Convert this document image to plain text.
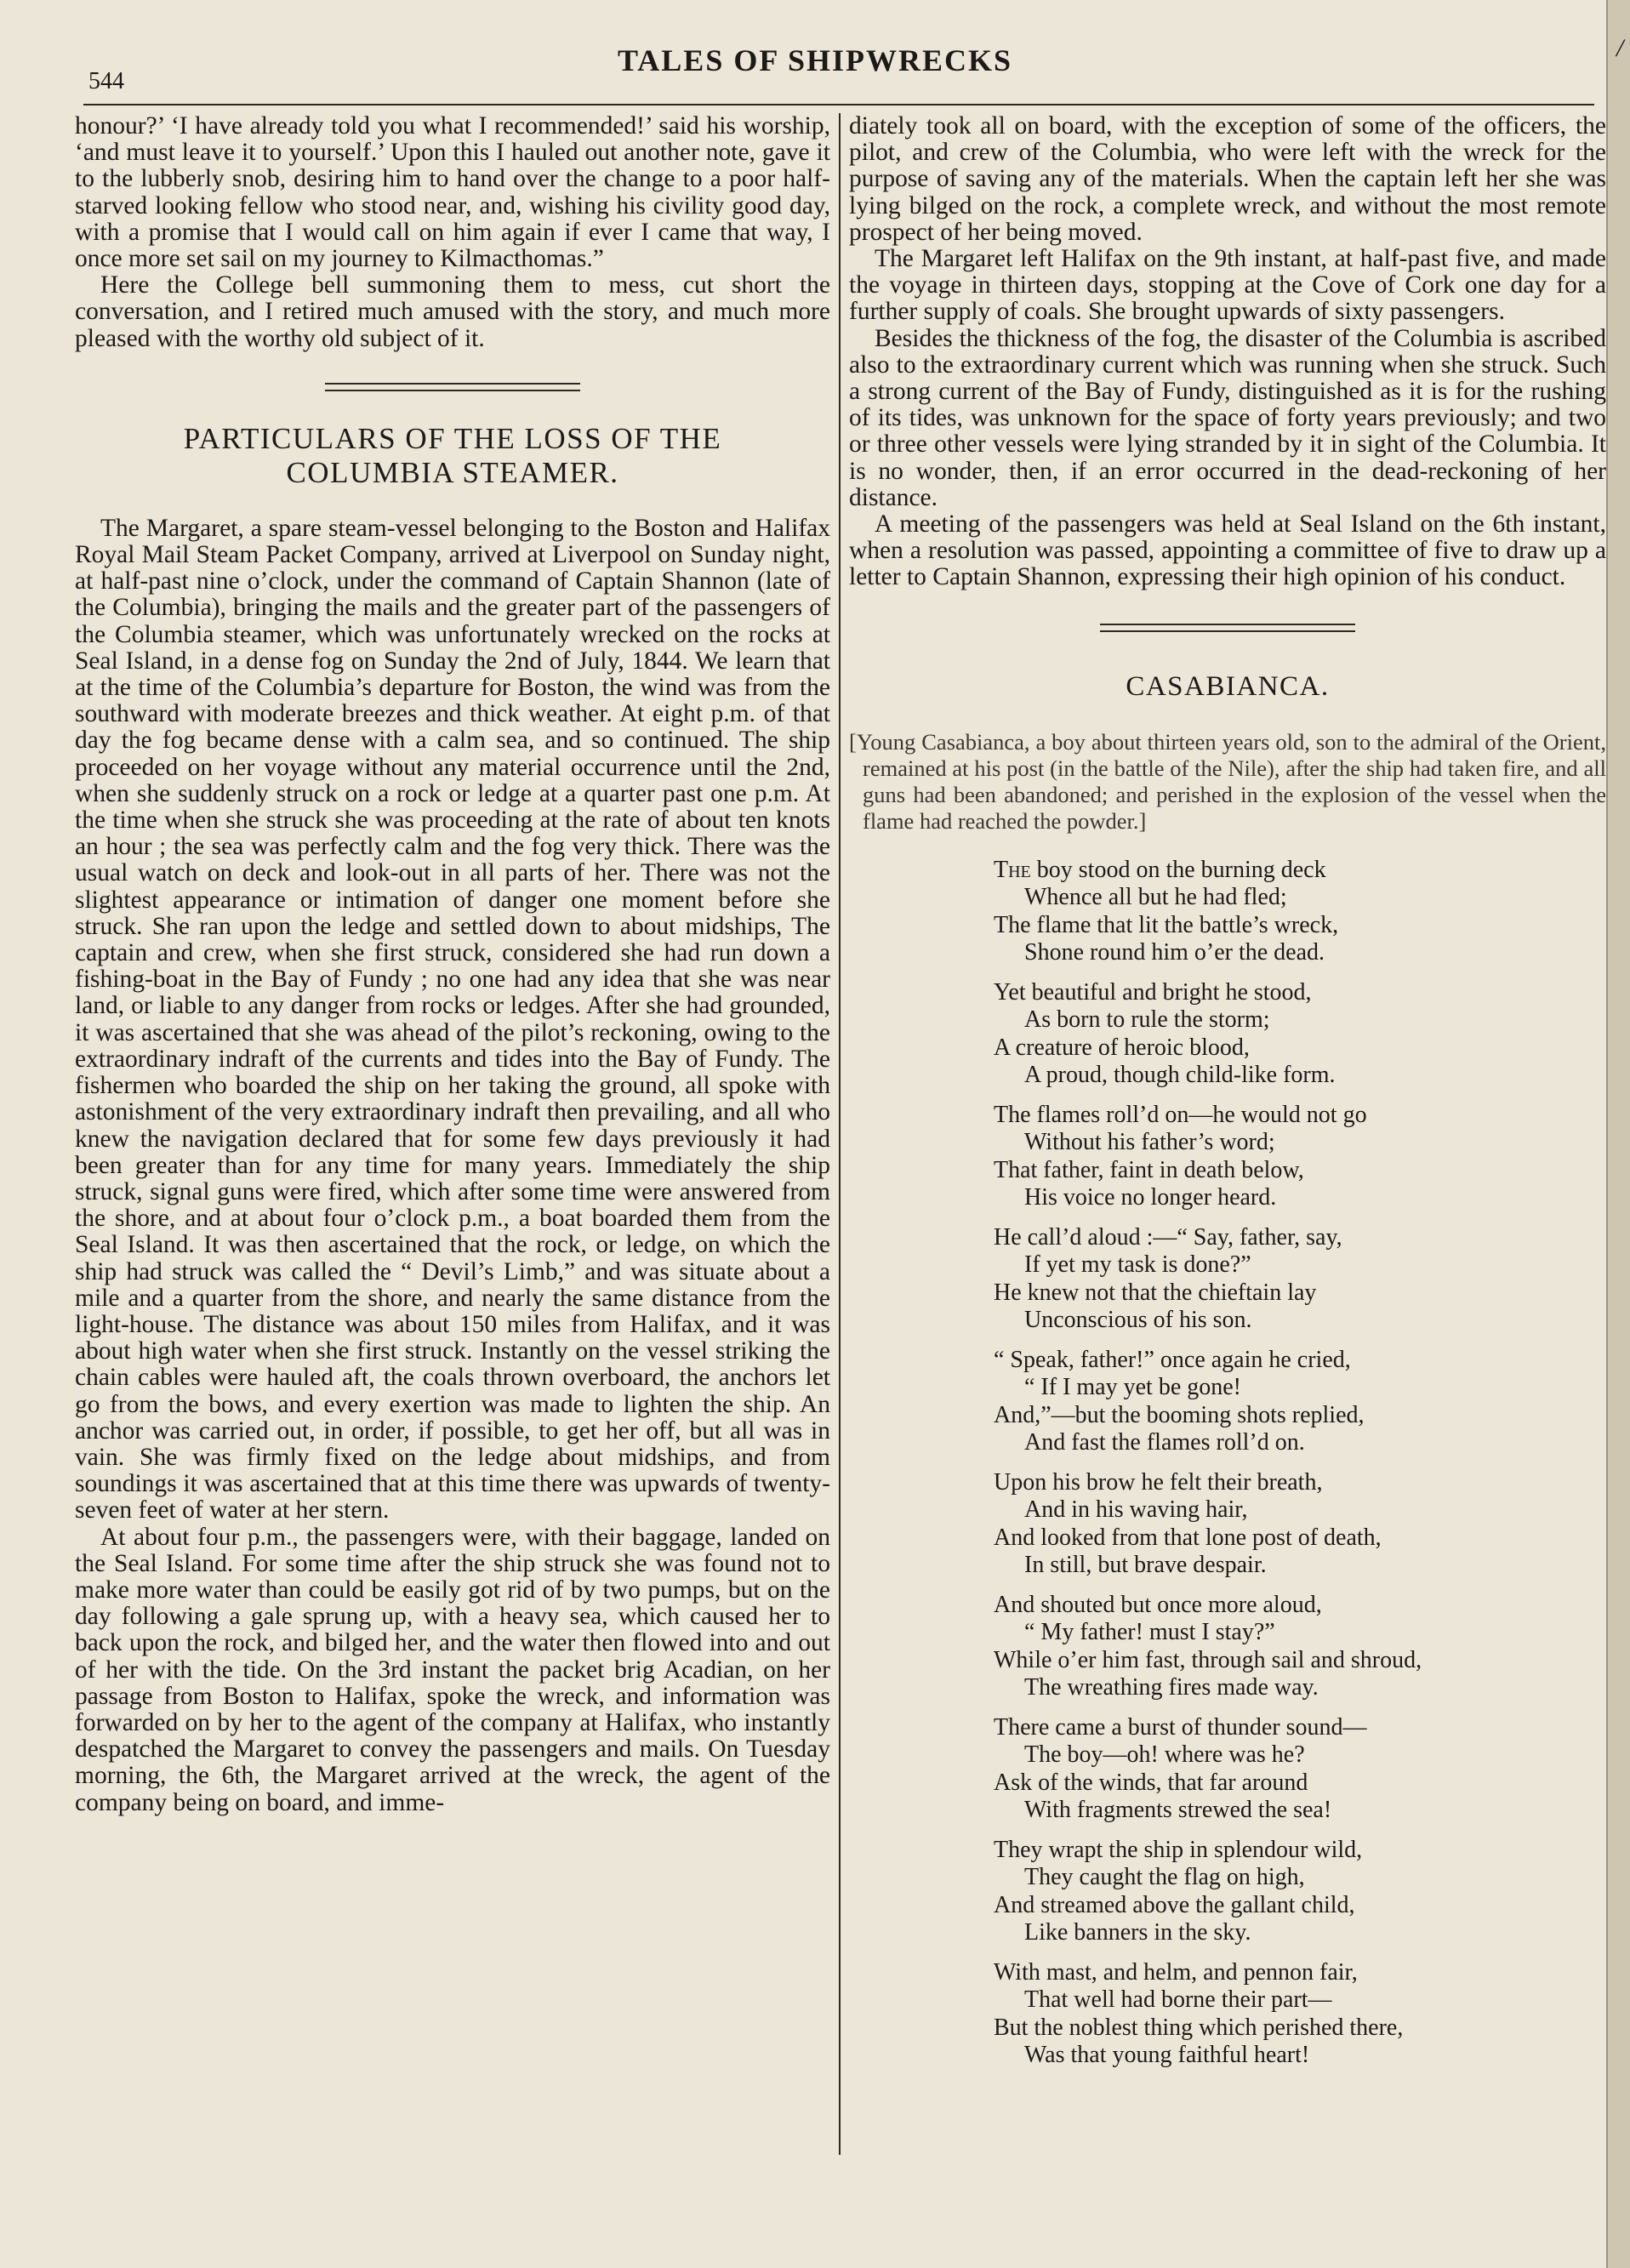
544
TALES OF SHIPWRECKS	/

honour?’ ‘I have already told you what I recommended!’ said his worship, ‘and must leave it to yourself.’ Upon this I hauled out another note, gave it to the lubberly snob, desiring him to hand over the change to a poor half-starved looking fellow who stood near, and, wishing his civility good day, with a promise that I would call on him again if ever I came that way, I once more set sail on my journey to Kilmacthomas.”

Here the College bell summoning them to mess, cut short the conversation, and I retired much amused with the story, and much more pleased with the worthy old subject of it.

PARTICULARS OF THE LOSS OF THE
COLUMBIA STEAMER.

The Margaret, a spare steam-vessel belonging to the Boston and Halifax Royal Mail Steam Packet Company, arrived at Liverpool on Sunday night, at half-past nine o’clock, under the command of Captain Shannon (late of the Columbia), bringing the mails and the greater part of the passengers of the Columbia steamer, which was unfortunately wrecked on the rocks at Seal Island, in a dense fog on Sunday the 2nd of July, 1844. We learn that at the time of the Columbia’s departure for Boston, the wind was from the southward with moderate breezes and thick weather. At eight p.m. of that day the fog became dense with a calm sea, and so continued. The ship proceeded on her voyage without any material occurrence until the 2nd, when she suddenly struck on a rock or ledge at a quarter past one p.m. At the time when she struck she was proceeding at the rate of about ten knots an hour ; the sea was perfectly calm and the fog very thick. There was the usual watch on deck and look-out in all parts of her. There was not the slightest appearance or intimation of danger one moment before she struck. She ran upon the ledge and settled down to about midships, The captain and crew, when she first struck, considered she had run down a fishing-boat in the Bay of Fundy ; no one had any idea that she was near land, or liable to any danger from rocks or ledges. After she had grounded, it was ascertained that she was ahead of the pilot’s reckoning, owing to the extraordinary indraft of the currents and tides into the Bay of Fundy. The fishermen who boarded the ship on her taking the ground, all spoke with astonishment of the very extraordinary indraft then prevailing, and all who knew the navigation declared that for some few days previously it had been greater than for any time for many years. Immediately the ship struck, signal guns were fired, which after some time were answered from the shore, and at about four o’clock p.m., a boat boarded them from the Seal Island. It was then ascertained that the rock, or ledge, on which the ship had struck was called the “ Devil’s Limb,” and was situate about a mile and a quarter from the shore, and nearly the same distance from the light-house. The distance was about 150 miles from Halifax, and it was about high water when she first struck. Instantly on the vessel striking the chain cables were hauled aft, the coals thrown overboard, the anchors let go from the bows, and every exertion was made to lighten the ship. An anchor was carried out, in order, if possible, to get her off, but all was in vain. She was firmly fixed on the ledge about midships, and from soundings it was ascertained that at this time there was upwards of twenty-seven feet of water at her stern.

At about four p.m., the passengers were, with their baggage, landed on the Seal Island. For some time after the ship struck she was found not to make more water than could be easily got rid of by two pumps, but on the day following a gale sprung up, with a heavy sea, which caused her to back upon the rock, and bilged her, and the water then flowed into and out of her with the tide. On the 3rd instant the packet brig Acadian, on her passage from Boston to Halifax, spoke the wreck, and information was forwarded on by her to the agent of the company at Halifax, who instantly despatched the Margaret to convey the passengers and mails. On Tuesday morning, the 6th, the Margaret arrived at the wreck, the agent of the company being on board, and imme-

diately took all on board, with the exception of some of the officers, the pilot, and crew of the Columbia, who were left with the wreck for the purpose of saving any of the materials. When the captain left her she was lying bilged on the rock, a complete wreck, and without the most remote prospect of her being moved.

The Margaret left Halifax on the 9th instant, at half-past five, and made the voyage in thirteen days, stopping at the Cove of Cork one day for a further supply of coals. She brought upwards of sixty passengers.

Besides the thickness of the fog, the disaster of the Columbia is ascribed also to the extraordinary current which was running when she struck. Such a strong current of the Bay of Fundy, distinguished as it is for the rushing of its tides, was unknown for the space of forty years previously; and two or three other vessels were lying stranded by it in sight of the Columbia. It is no wonder, then, if an error occurred in the dead-reckoning of her distance.

A meeting of the passengers was held at Seal Island on the 6th instant, when a resolution was passed, appointing a committee of five to draw up a letter to Captain Shannon, expressing their high opinion of his conduct.

CASABIANCA.
[Young Casabianca, a boy about thirteen years old, son to the admiral of the Orient, remained at his post (in the battle of the Nile), after the ship had taken fire, and all guns had been abandoned; and perished in the explosion of the vessel when the flame had reached the powder.]
The boy stood on the burning deck
Whence all but he had fled;
The flame that lit the battle’s wreck,
Shone round him o’er the dead.
Yet beautiful and bright he stood,
As born to rule the storm;
A creature of heroic blood,
A proud, though child-like form.
The flames roll’d on—he would not go
Without his father’s word;
That father, faint in death below,
His voice no longer heard.
He call’d aloud :—“ Say, father, say,
If yet my task is done?”
He knew not that the chieftain lay
Unconscious of his son.
“ Speak, father!” once again he cried,
“ If I may yet be gone!
And,”—but the booming shots replied,
And fast the flames roll’d on.
Upon his brow he felt their breath,
And in his waving hair,
And looked from that lone post of death,
In still, but brave despair.
And shouted but once more aloud,
“ My father! must I stay?”
While o’er him fast, through sail and shroud,
The wreathing fires made way.
There came a burst of thunder sound—
The boy—oh! where was he?
Ask of the winds, that far around
With fragments strewed the sea!
They wrapt the ship in splendour wild,
They caught the flag on high,
And streamed above the gallant child,
Like banners in the sky.
With mast, and helm, and pennon fair,
That well had borne their part—
But the noblest thing which perished there,
Was that young faithful heart!
